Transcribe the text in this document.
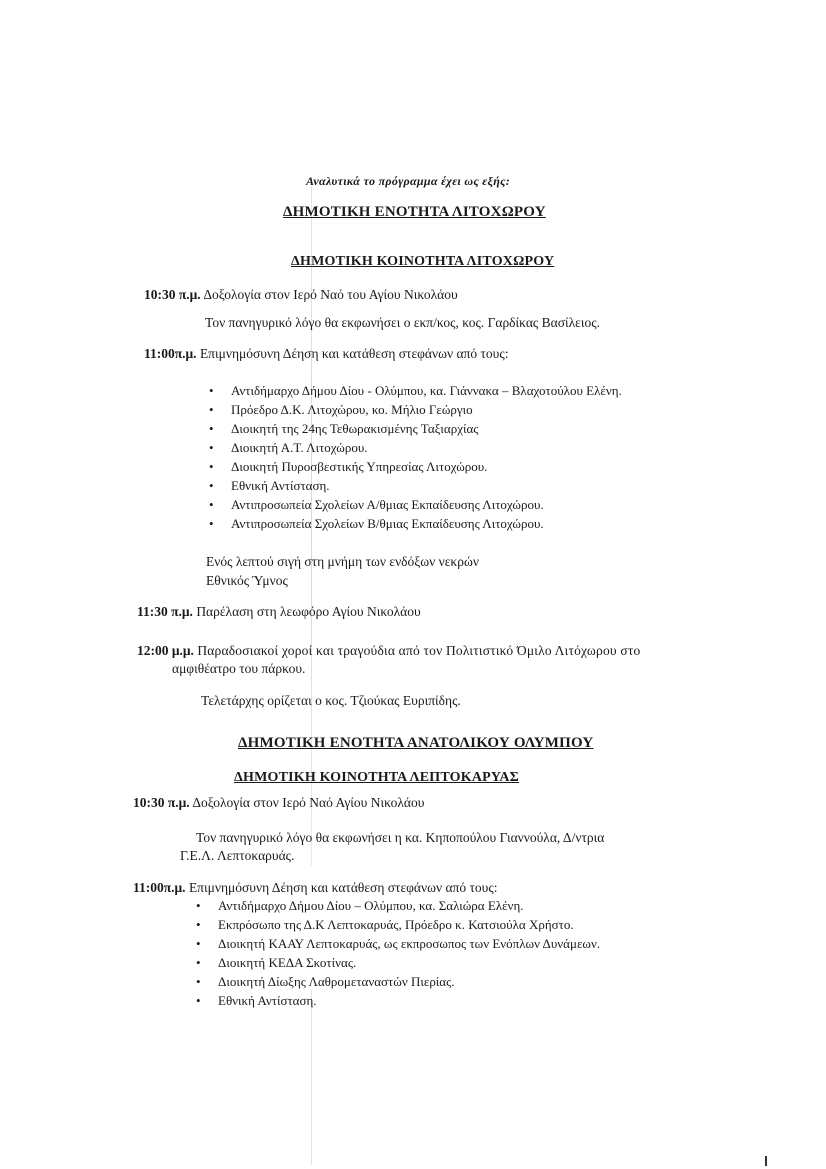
Αναλυτικά το πρόγραμμα έχει ως εξής:
ΔΗΜΟΤΙΚΗ ΕΝΟΤΗΤΑ ΛΙΤΟΧΩΡΟΥ
ΔΗΜΟΤΙΚΗ ΚΟΙΝΟΤΗΤΑ ΛΙΤΟΧΩΡΟΥ
10:30 π.μ. Δοξολογία στον Ιερό Ναό του Αγίου Νικολάου
Τον πανηγυρικό λόγο θα εκφωνήσει ο εκπ/κος, κος. Γαρδίκας Βασίλειος.
11:00π.μ. Επιμνημόσυνη Δέηση και κατάθεση στεφάνων από τους:
• Αντιδήμαρχο Δήμου Δίου - Ολύμπου, κα. Γιάννακα – Βλαχοτούλου Ελένη.
• Πρόεδρο Δ.Κ. Λιτοχώρου, κο. Μήλιο Γεώργιο
• Διοικητή της 24ης Τεθωρακισμένης Ταξιαρχίας
• Διοικητή Α.Τ. Λιτοχώρου.
• Διοικητή Πυροσβεστικής Υπηρεσίας Λιτοχώρου.
• Εθνική Αντίσταση.
• Αντιπροσωπεία Σχολείων Α/θμιας Εκπαίδευσης Λιτοχώρου.
• Αντιπροσωπεία Σχολείων Β/θμιας Εκπαίδευσης Λιτοχώρου.
Ενός λεπτού σιγή στη μνήμη των ενδόξων νεκρών
Εθνικός Ύμνος
11:30 π.μ. Παρέλαση στη λεωφόρο Αγίου Νικολάου
12:00 μ.μ. Παραδοσιακοί χοροί και τραγούδια από τον Πολιτιστικό Όμιλο Λιτόχωρου στο
αμφιθέατρο του πάρκου.
Τελετάρχης ορίζεται ο κος. Τζιούκας Ευριπίδης.
ΔΗΜΟΤΙΚΗ ΕΝΟΤΗΤΑ ΑΝΑΤΟΛΙΚΟΥ ΟΛΥΜΠΟΥ
ΔΗΜΟΤΙΚΗ ΚΟΙΝΟΤΗΤΑ ΛΕΠΤΟΚΑΡΥΑΣ
10:30 π.μ. Δοξολογία στον Ιερό Ναό Αγίου Νικολάου
Τον πανηγυρικό λόγο θα εκφωνήσει η κα. Κηποπούλου Γιαννούλα, Δ/ντρια
Γ.Ε.Λ. Λεπτοκαρυάς.
11:00π.μ. Επιμνημόσυνη Δέηση και κατάθεση στεφάνων από τους:
• Αντιδήμαρχο Δήμου Δίου – Ολύμπου, κα. Σαλιώρα Ελένη.
• Εκπρόσωπο της Δ.Κ Λεπτοκαρυάς, Πρόεδρο κ. Κατσιούλα Χρήστο.
• Διοικητή ΚΑΑΥ Λεπτοκαρυάς, ως εκπροσωπος των Ενόπλων Δυνάμεων.
• Διοικητή ΚΕΔΑ Σκοτίνας.
• Διοικητή Δίωξης Λαθρομεταναστών Πιερίας.
• Εθνική Αντίσταση.
